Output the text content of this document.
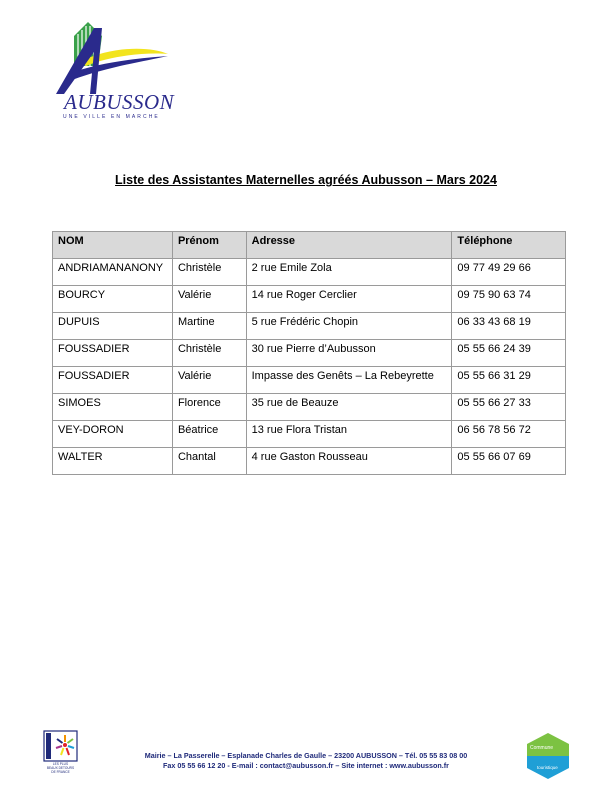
AUBUSSON
UNE VILLE EN MARCHE
Liste des Assistantes Maternelles agréés Aubusson – Mars 2024
NOM	Prénom	Adresse	Téléphone
ANDRIAMANANONY	Christèle	2 rue Emile Zola	09 77 49 29 66
BOURCY	Valérie	14 rue Roger Cerclier	09 75 90 63 74
DUPUIS	Martine	5 rue Frédéric Chopin	06 33 43 68 19
FOUSSADIER	Christèle	30 rue Pierre d’Aubusson	05 55 66 24 39
FOUSSADIER	Valérie	Impasse des Genêts – La Rebeyrette	05 55 66 31 29
SIMOES	Florence	35 rue de Beauze	05 55 66 27 33
VEY-DORON	Béatrice	13 rue Flora Tristan	06 56 78 56 72
WALTER	Chantal	4 rue Gaston Rousseau	05 55 66 07 69
LES PLUS
BEAUX DETOURS
DE FRANCE
Mairie – La Passerelle – Esplanade Charles de Gaulle – 23200 AUBUSSON – Tél. 05 55 83 08 00
Fax 05 55 66 12 20 - E-mail : contact@aubusson.fr – Site internet : www.aubusson.fr
Commune
touristique
